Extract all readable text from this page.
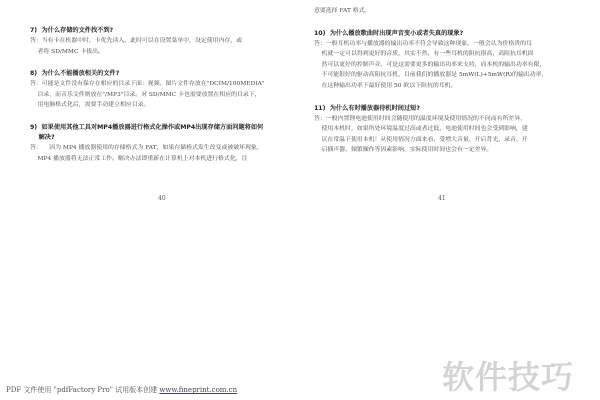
7)  为什么存储的文件找不到?

答：当有卡在机器中时，卡优先读入。此时可以在设置菜单中，设定使用内存，或
者将 SD/MMC 卡拔出。

8)  为什么不能播放相关的文件?

答：可能是文件没有保存在相应的目录下面：视频、图片文件存放在"DCIM/100MEDIA"
目录，而音乐文件则放在"/MP3"目录。对 SD/MMC 卡也需要放置在相应的目录下，
用电脑格式化后，需要手动建立相应目录。

9)  如果使用其他工具对MP4播放器进行格式化操作或MP4出现存储方面问题将如何
解决?

答：    因为 MP4 播放器使用的存储格式为 FAT，如果存储格式发生改变或被破坏现象，
MP4 播放器将无法正常工作。解决办法即重新在计算机上对本机进行格式化，注

40

意要选择 FAT 格式。

10)  为什么播放歌曲时出现声音变小或者失真的现象?

答：一般耳机功率与播放器的输出功率不符会导致这种现象。一般会认为价格贵的耳
机就一定可以得到更好的音质，其实不然，有一些耳机的阻抗很高，高阻抗耳机固
然可以更好的控制声音，可是这需要更多的输出功率来支持，而本机的输出功率有限，
不可能很好的驱动高阻抗耳机，目前我们的播放器是 5mW(L)+5mW(R)的输出功率，
在这种输出功率下最好使用 50 欧以下阻抗的耳机。

11)  为什么有时播放器待机时间过短?

答：一般内置锂电池使用时间会随使用的温度环境及使用情况的不同而有所差异，
使用本机时，如果所处环境温度过高或者过低，电池使用时间也会受到影响，建
议在常温下使用本机！从使用情况方面来看，受增大音量、开启背光、录音、开
启插声器、频繁操作等因素影响，实际使用时间也会有一定差异。

41
软件技巧
PDF 文件使用 "pdfFactory Pro" 试用版本创建 www.fineprint.com.cn
